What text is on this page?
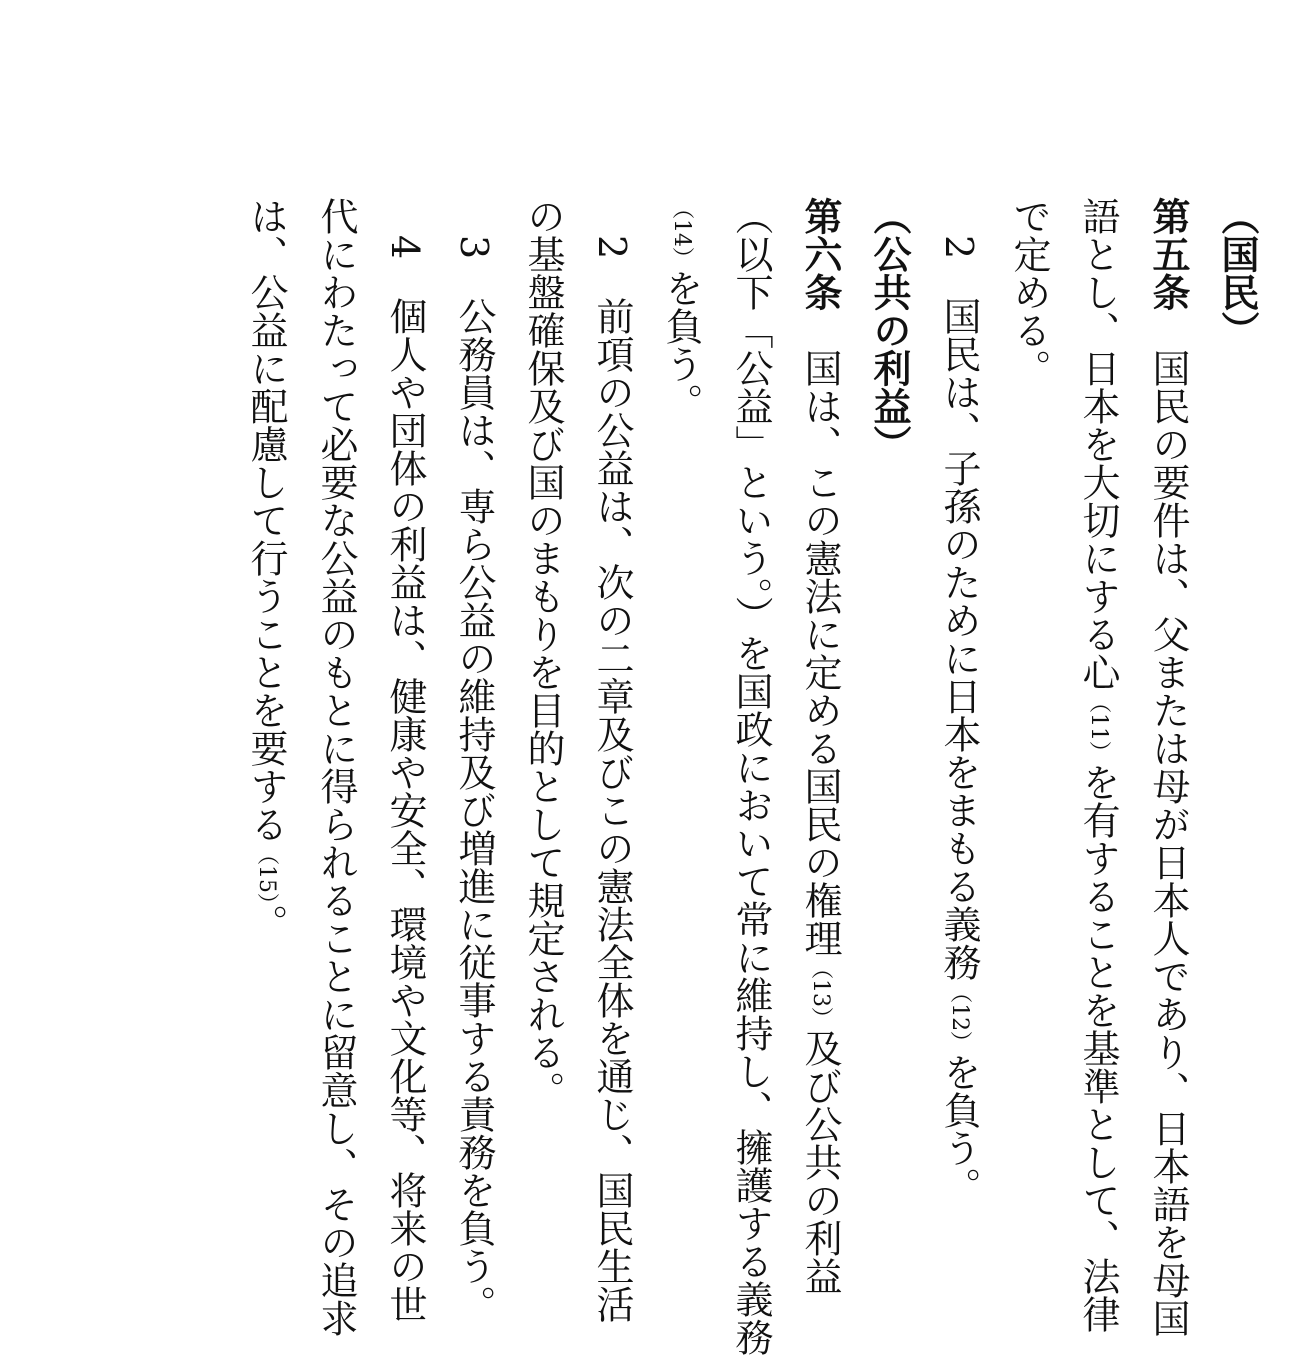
（国民）
第五条　国民の要件は、父または母が日本人であり、日本語を母国語とし、日本を大切にする心（11）を有することを基準として、法律で定める。
　2　国民は、子孫のために日本をまもる義務（12）を負う。
（公共の利益）
第六条　国は、この憲法に定める国民の権理（13）及び公共の利益（以下「公益」という。）を国政において常に維持し、擁護する義務（14）を負う。
　2　前項の公益は、次の二章及びこの憲法全体を通じ、国民生活の基盤確保及び国のまもりを目的として規定される。
　3　公務員は、専ら公益の維持及び増進に従事する責務を負う。
　4　個人や団体の利益は、健康や安全、環境や文化等、将来の世代にわたって必要な公益のもとに得られることに留意し、その追求は、公益に配慮して行うことを要する（15）。
